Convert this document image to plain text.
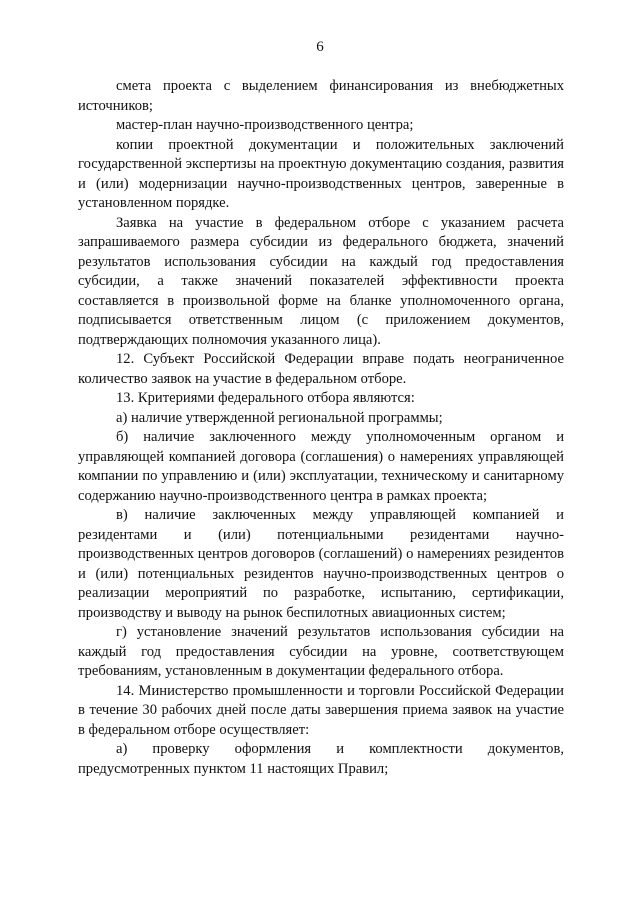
6

смета проекта с выделением финансирования из внебюджетных источников;

мастер-план научно-производственного центра;

копии проектной документации и положительных заключений государственной экспертизы на проектную документацию создания, развития и (или) модернизации научно-производственных центров, заверенные в установленном порядке.

Заявка на участие в федеральном отборе с указанием расчета запрашиваемого размера субсидии из федерального бюджета, значений результатов использования субсидии на каждый год предоставления субсидии, а также значений показателей эффективности проекта составляется в произвольной форме на бланке уполномоченного органа, подписывается ответственным лицом (с приложением документов, подтверждающих полномочия указанного лица).

12. Субъект Российской Федерации вправе подать неограниченное количество заявок на участие в федеральном отборе.

13. Критериями федерального отбора являются:

а) наличие утвержденной региональной программы;

б) наличие заключенного между уполномоченным органом и управляющей компанией договора (соглашения) о намерениях управляющей компании по управлению и (или) эксплуатации, техническому и санитарному содержанию научно-производственного центра в рамках проекта;

в) наличие заключенных между управляющей компанией и резидентами и (или) потенциальными резидентами научно-производственных центров договоров (соглашений) о намерениях резидентов и (или) потенциальных резидентов научно-производственных центров о реализации мероприятий по разработке, испытанию, сертификации, производству и выводу на рынок беспилотных авиационных систем;

г) установление значений результатов использования субсидии на каждый год предоставления субсидии на уровне, соответствующем требованиям, установленным в документации федерального отбора.

14. Министерство промышленности и торговли Российской Федерации в течение 30 рабочих дней после даты завершения приема заявок на участие в федеральном отборе осуществляет:

а) проверку оформления и комплектности документов, предусмотренных пунктом 11 настоящих Правил;
